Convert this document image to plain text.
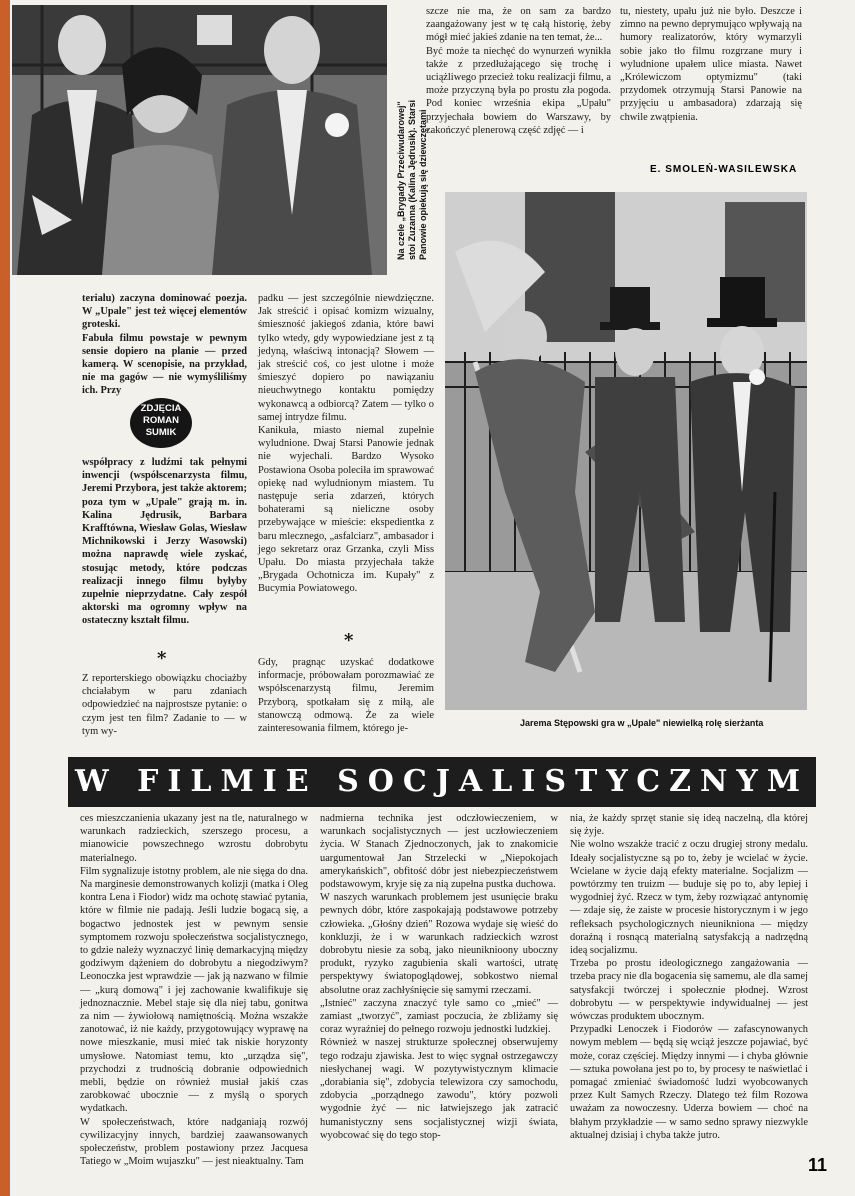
Na czele „Brygady Przeciwudarowej"
stoi Zuzanna (Kalina Jędrusik). Starsi
Panowie opiekują się dziewczętami
Jarema Stępowski gra w „Upale" niewielką rolę sierżanta
terialu) zaczyna dominować poezja. W „Upale" jest też więcej elementów groteski.
Fabuła filmu powstaje w pewnym sensie dopiero na planie — przed kamerą. W scenopisie, na przykład, nie ma gagów — nie wymyśliliśmy ich. Przy
ZDJĘCIA
ROMAN
SUMIK
współpracy z ludźmi tak pełnymi inwencji (współscenarzysta filmu, Jeremi Przybora, jest także aktorem; poza tym w „Upale" grają m. in. Kalina Jędrusik, Barbara Krafftówna, Wiesław Golas, Wiesław Michnikowski i Jerzy Wasowski) można naprawdę wiele zyskać, stosując metody, które podczas realizacji innego filmu byłyby zupełnie nieprzydatne. Cały zespół aktorski ma ogromny wpływ na ostateczny kształt filmu.
*
Z reporterskiego obowiązku chociażby chciałabym w paru zdaniach odpowiedzieć na najprostsze pytanie: o czym jest ten film? Zadanie to — w tym wy-
padku — jest szczególnie niewdzięczne. Jak streścić i opisać komizm wizualny, śmieszność jakiegoś zdania, które bawi tylko wtedy, gdy wypowiedziane jest z tą jedyną, właściwą intonacją? Słowem — jak streścić coś, co jest ulotne i może śmieszyć dopiero po nawiązaniu nieuchwytnego kontaktu pomiędzy wykonawcą a odbiorcą? Zatem — tylko o samej intrydze filmu.
Kanikuła, miasto niemal zupełnie wyludnione. Dwaj Starsi Panowie jednak nie wyjechali. Bardzo Wysoko Postawiona Osoba poleciła im sprawować opiekę nad wyludnionym miastem. Tu następuje seria zdarzeń, których bohaterami są nieliczne osoby przebywające w mieście: ekspedientka z baru mlecznego, „asfalciarz", ambasador i jego sekretarz oraz Grzanka, czyli Miss Upału. Do miasta przyjechała także „Brygada Ochotnicza im. Kupały" z Bucymia Powiatowego.
*
Gdy, pragnąc uzyskać dodatkowe informacje, próbowałam porozmawiać ze współscenarzystą filmu, Jeremim Przyborą, spotkałam się z miłą, ale stanowczą odmową. Że za wiele zainteresowania filmem, którego je-
szcze nie ma, że on sam za bardzo zaangażowany jest w tę całą historię, żeby mógł mieć jakieś zdanie na ten temat, że...
Być może ta niechęć do wynurzeń wynikła także z przedłużającego się trochę i uciążliwego przecież toku realizacji filmu, a może przyczyną była po prostu zła pogoda. Pod koniec września ekipa „Upału" przyjechała bowiem do Warszawy, by zakończyć plenerową część zdjęć — i
tu, niestety, upału już nie było. Deszcze i zimno na pewno deprymująco wpływają na humory realizatorów, który wymarzyli sobie jako tło filmu rozgrzane mury i wyludnione upałem ulice miasta. Nawet „Królewiczom optymizmu" (taki przydomek otrzymują Starsi Panowie na przyjęciu u ambasadora) zdarzają się chwile zwątpienia.
E. SMOLEŃ-WASILEWSKA
W FILMIE SOCJALISTYCZNYM
ces mieszczanienia ukazany jest na tle, naturalnego w warunkach radzieckich, szerszego procesu, a mianowicie powszechnego wzrostu dobrobytu materialnego.
Film sygnalizuje istotny problem, ale nie sięga do dna. Na marginesie demonstrowanych kolizji (matka i Oleg kontra Lena i Fiodor) widz ma ochotę stawiać pytania, które w filmie nie padają. Jeśli ludzie bogacą się, a bogactwo jednostek jest w pewnym sensie symptomem rozwoju społeczeństwa socjalistycznego, to gdzie należy wyznaczyć linię demarkacyjną między godziwym dążeniem do dobrobytu a niegodziwym? Leonoczka jest wprawdzie — jak ją nazwano w filmie — „kurą domową" i jej zachowanie kwalifikuje się jednoznacznie. Mebel staje się dla niej tabu, gonitwa za nim — żywiołową namiętnością. Można wszakże zanotować, iż nie każdy, przygotowujący wyprawę na nowe mieszkanie, musi mieć tak niskie horyzonty umysłowe. Natomiast temu, kto „urządza się", przychodzi z trudnością dobranie odpowiednich mebli, będzie on również musiał jakiś czas zarobkować ubocznie — z myślą o sporych wydatkach.
W społeczeństwach, które nadganiają rozwój cywilizacyjny innych, bardziej zaawansowanych społeczeństw, problem postawiony przez Jacquesa Tatiego w „Moim wujaszku" — jest nieaktualny. Tam
nadmierna technika jest odczłowieczeniem, w warunkach socjalistycznych — jest uczłowieczeniem życia. W Stanach Zjednoczonych, jak to znakomicie uargumentował Jan Strzelecki w „Niepokojach amerykańskich", obfitość dóbr jest niebezpieczeństwem podstawowym, kryje się za nią zupełna pustka duchowa.
W naszych warunkach problemem jest usunięcie braku pewnych dóbr, które zaspokajają podstawowe potrzeby człowieka. „Głośny dzień" Rozowa wydaje się wieść do konkluzji, że i w warunkach radzieckich wzrost dobrobytu niesie za sobą, jako nieuniknioony uboczny produkt, ryzyko zagubienia skali wartości, utratę perspektywy światopoglądowej, sobkostwo niemal absolutne oraz zachłyśnięcie się samymi rzeczami.
„Istnieć" zaczyna znaczyć tyle samo co „mieć" — zamiast „tworzyć", zamiast poczucia, że zbliżamy się coraz wyraźniej do pełnego rozwoju jednostki ludzkiej.
Również w naszej strukturze społecznej obserwujemy tego rodzaju zjawiska. Jest to więc sygnał ostrzegawczy niesłychanej wagi. W pozytywistycznym klimacie „dorabiania się", zdobycia telewizora czy samochodu, zdobycia „porządnego zawodu", który pozwoli wygodnie żyć — nic łatwiejszego jak zatracić humanistyczny sens socjalistycznej wizji świata, wyobcować się do tego stop-
nia, że każdy sprzęt stanie się ideą naczelną, dla której się żyje.
Nie wolno wszakże tracić z oczu drugiej strony medalu. Ideały socjalistyczne są po to, żeby je wcielać w życie. Wcielane w życie dają efekty materialne. Socjalizm — powtórzmy ten truizm — buduje się po to, aby lepiej i wygodniej żyć. Rzecz w tym, żeby rozwiązać antynomię — zdaje się, że zaiste w procesie historycznym i w jego refleksach psychologicznych nieunikniona — między doraźną i rosnącą materialną satysfakcją a nadrzędną ideą socjalizmu.
Trzeba po prostu ideologicznego zangażowania — trzeba pracy nie dla bogacenia się samemu, ale dla samej satysfakcji twórczej i społecznie płodnej. Wzrost dobrobytu — w perspektywie indywidualnej — jest wówczas produktem ubocznym.
Przypadki Lenoczek i Fiodorów — zafascynowanych nowym meblem — będą się wciąż jeszcze pojawiać, być może, coraz częściej. Między innymi — i chyba głównie — sztuka powołana jest po to, by procesy te naświetlać i pomagać zmieniać świadomość ludzi wyobcowanych przez Kult Samych Rzeczy. Dlatego też film Rozowa uważam za nowoczesny. Uderza bowiem — choć na błahym przykładzie — w samo sedno sprawy niezwykle aktualnej dzisiaj i chyba także jutro.
11
